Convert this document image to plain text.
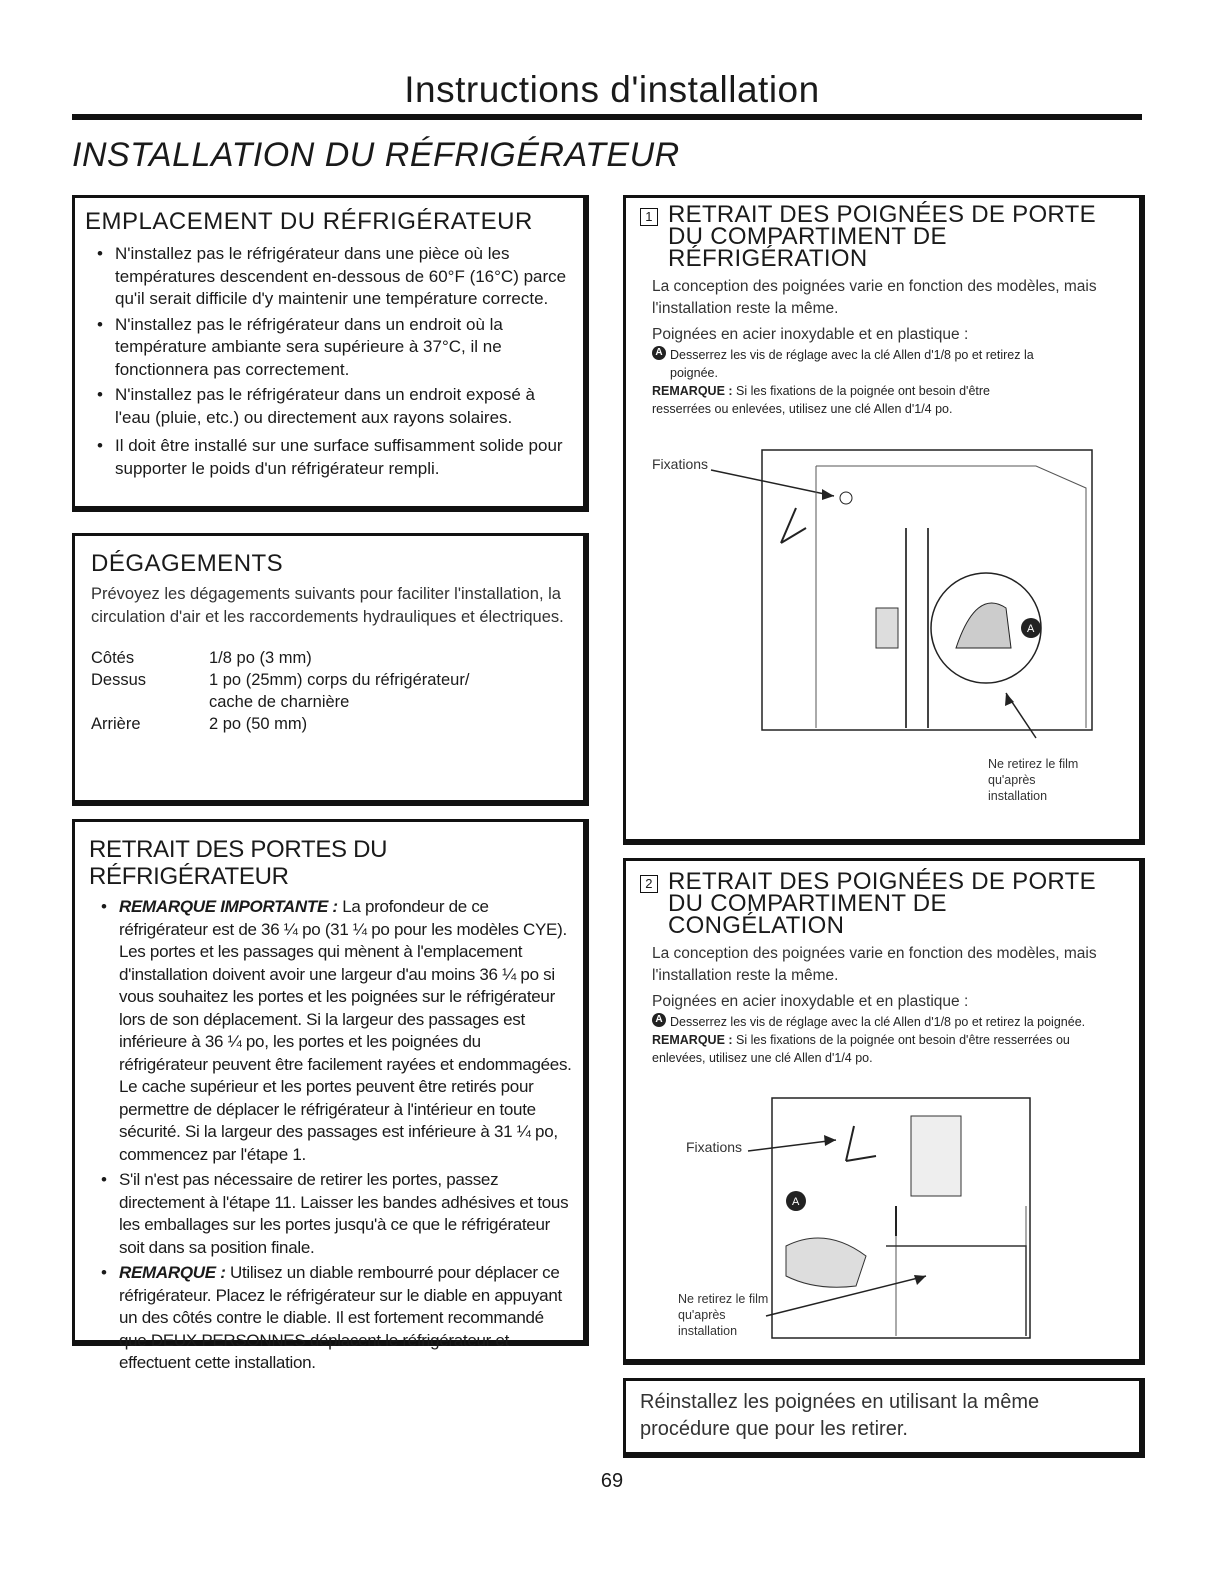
Instructions d'installation
INSTALLATION DU RÉFRIGÉRATEUR
EMPLACEMENT DU RÉFRIGÉRATEUR
• N'installez pas le réfrigérateur dans une pièce où les températures descendent en-dessous de 60°F (16°C) parce qu'il serait difficile d'y maintenir une température correcte.
• N'installez pas le réfrigérateur dans un endroit où la température ambiante sera supérieure à 37°C, il ne fonctionnera pas correctement.
• N'installez pas le réfrigérateur dans un endroit exposé à l'eau (pluie, etc.) ou directement aux rayons solaires.
• Il doit être installé sur une surface suffisamment solide pour supporter le poids d'un réfrigérateur rempli.
DÉGAGEMENTS
Prévoyez les dégagements suivants pour faciliter l'installation, la circulation d'air et les raccordements hydrauliques et électriques.
Côtés	1/8 po (3 mm)
Dessus	1 po (25mm) corps du réfrigérateur/ cache de charnière
Arrière	2 po (50 mm)
RETRAIT DES PORTES DU RÉFRIGÉRATEUR
• REMARQUE IMPORTANTE : La profondeur de ce réfrigérateur est de 36 ¼ po (31 ¼ po pour les modèles CYE). Les portes et les passages qui mènent à l'emplacement d'installation doivent avoir une largeur d'au moins 36 ¼ po si vous souhaitez les portes et les poignées sur le réfrigérateur lors de son déplacement. Si la largeur des passages est inférieure à 36 ¼ po, les portes et les poignées du réfrigérateur peuvent être facilement rayées et endommagées. Le cache supérieur et les portes peuvent être retirés pour permettre de déplacer le réfrigérateur à l'intérieur en toute sécurité. Si la largeur des passages est inférieure à 31 ¼ po, commencez par l'étape 1.
• S'il n'est pas nécessaire de retirer les portes, passez directement à l'étape 11. Laisser les bandes adhésives et tous les emballages sur les portes jusqu'à ce que le réfrigérateur soit dans sa position finale.
• REMARQUE : Utilisez un diable rembourré pour déplacer ce réfrigérateur. Placez le réfrigérateur sur le diable en appuyant un des côtés contre le diable. Il est fortement recommandé que DEUX PERSONNES déplacent le réfrigérateur et effectuent cette installation.
1 RETRAIT DES POIGNÉES DE PORTE DU COMPARTIMENT DE RÉFRIGÉRATION
La conception des poignées varie en fonction des modèles, mais l'installation reste la même.
Poignées en acier inoxydable et en plastique :
A Desserrez les vis de réglage avec la clé Allen d'1/8 po et retirez la poignée.
REMARQUE : Si les fixations de la poignée ont besoin d'être resserrées ou enlevées, utilisez une clé Allen d'1/4 po.
Fixations
A
Ne retirez le film qu'après installation
2 RETRAIT DES POIGNÉES DE PORTE DU COMPARTIMENT DE CONGÉLATION
La conception des poignées varie en fonction des modèles, mais l'installation reste la même.
Poignées en acier inoxydable et en plastique :
A Desserrez les vis de réglage avec la clé Allen d'1/8 po et retirez la poignée.
REMARQUE : Si les fixations de la poignée ont besoin d'être resserrées ou enlevées, utilisez une clé Allen d'1/4 po.
Fixations
A
Ne retirez le film qu'après installation
Réinstallez les poignées en utilisant la même procédure que pour les retirer.
69
